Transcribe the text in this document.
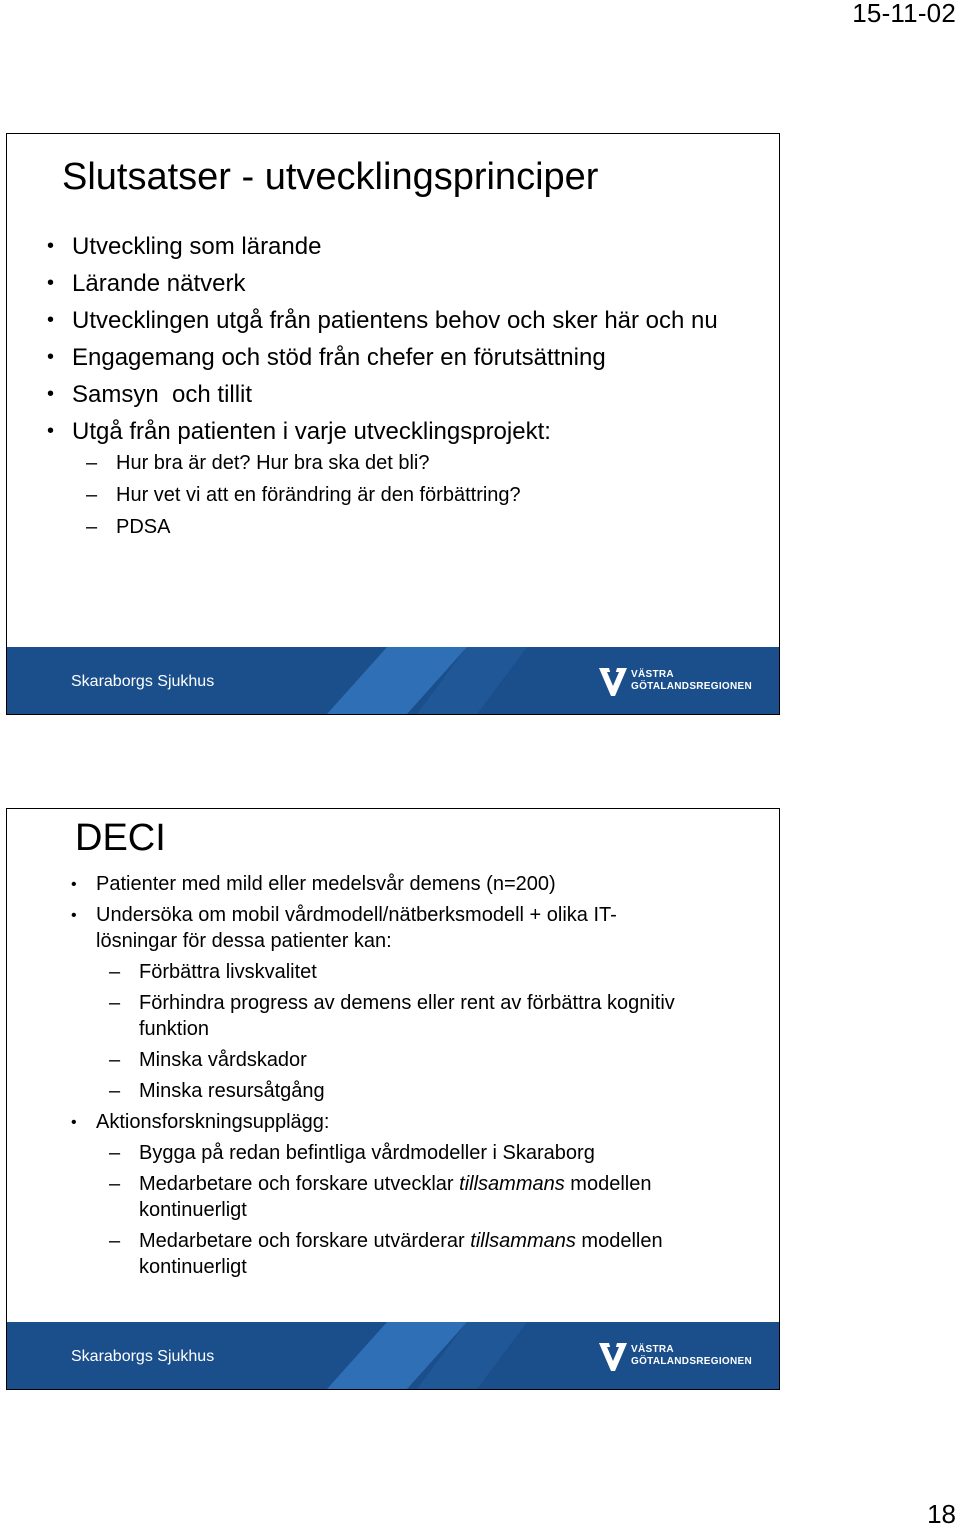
15-11-02
Slutsatser - utvecklingsprinciper
• Utveckling som lärande
• Lärande nätverk
• Utvecklingen utgå från patientens behov och sker här och nu
• Engagemang och stöd från chefer en förutsättning
• Samsyn  och tillit
• Utgå från patienten i varje utvecklingsprojekt:
– Hur bra är det? Hur bra ska det bli?
– Hur vet vi att en förändring är den förbättring?
– PDSA
Skaraborgs Sjukhus	VÄSTRA
GÖTALANDSREGIONEN
DECI
• Patienter med mild eller medelsvår demens (n=200)
• Undersöka om mobil vårdmodell/nätberksmodell + olika IT-lösningar för dessa patienter kan:
– Förbättra livskvalitet
– Förhindra progress av demens eller rent av förbättra kognitiv funktion
– Minska vårdskador
– Minska resursåtgång
• Aktionsforskningsupplägg:
– Bygga på redan befintliga vårdmodeller i Skaraborg
– Medarbetare och forskare utvecklar tillsammans modellen kontinuerligt
– Medarbetare och forskare utvärderar tillsammans modellen kontinuerligt
Skaraborgs Sjukhus	VÄSTRA
GÖTALANDSREGIONEN
18
